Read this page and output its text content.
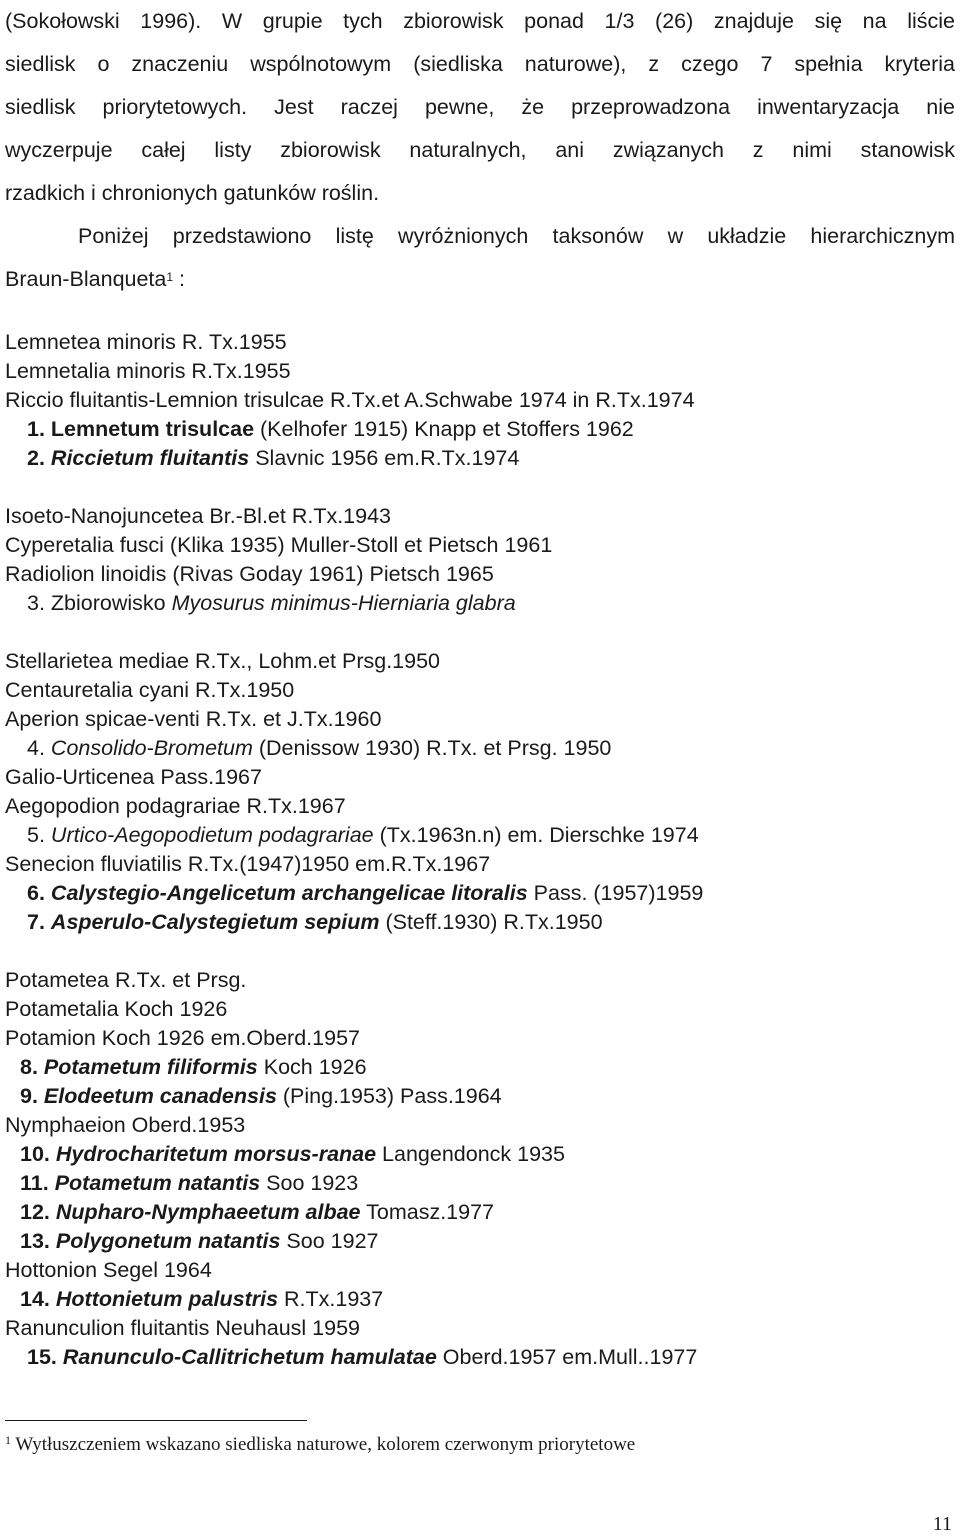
(Sokołowski 1996). W grupie tych zbiorowisk ponad 1/3 (26) znajduje się na liście
siedlisk o znaczeniu wspólnotowym (siedliska naturowe), z czego 7 spełnia kryteria
siedlisk priorytetowych. Jest raczej pewne, że przeprowadzona inwentaryzacja nie
wyczerpuje całej listy zbiorowisk naturalnych, ani związanych z nimi stanowisk
rzadkich i chronionych gatunków roślin.
Poniżej przedstawiono listę wyróżnionych taksonów w układzie hierarchicznym
Braun-Blanqueta$^1$ :
Lemnetea minoris R. Tx.1955
Lemnetalia minoris R.Tx.1955
Riccio fluitantis-Lemnion trisulcae R.Tx.et A.Schwabe 1974 in R.Tx.1974
1. Lemnetum trisulcae (Kelhofer 1915) Knapp et Stoffers 1962
2. Riccietum fluitantis Slavnic 1956 em.R.Tx.1974
Isoeto-Nanojuncetea Br.-Bl.et R.Tx.1943
Cyperetalia fusci (Klika 1935) Muller-Stoll et Pietsch 1961
Radiolion linoidis (Rivas Goday 1961) Pietsch 1965
3. Zbiorowisko Myosurus minimus-Hierniaria glabra
Stellarietea mediae R.Tx., Lohm.et Prsg.1950
Centauretalia cyani R.Tx.1950
Aperion spicae-venti R.Tx. et J.Tx.1960
4. Consolido-Brometum (Denissow 1930) R.Tx. et Prsg. 1950
Galio-Urticenea Pass.1967
Aegopodion podagrariae R.Tx.1967
5. Urtico-Aegopodietum podagrariae (Tx.1963n.n) em. Dierschke 1974
Senecion fluviatilis R.Tx.(1947)1950 em.R.Tx.1967
6. Calystegio-Angelicetum archangelicae litoralis Pass. (1957)1959
7. Asperulo-Calystegietum sepium (Steff.1930) R.Tx.1950
Potametea R.Tx. et Prsg.
Potametalia Koch 1926
Potamion Koch 1926 em.Oberd.1957
8. Potametum filiformis Koch 1926
9. Elodeetum canadensis (Ping.1953) Pass.1964
Nymphaeion Oberd.1953
10. Hydrocharitetum morsus-ranae Langendonck 1935
11. Potametum natantis Soo 1923
12. Nupharo-Nymphaeetum albae Tomasz.1977
13. Polygonetum natantis Soo 1927
Hottonion Segel 1964
14. Hottonietum palustris R.Tx.1937
Ranunculion fluitantis Neuhausl 1959
15. Ranunculo-Callitrichetum hamulatae Oberd.1957 em.Mull..1977
$^1$ Wytłuszczeniem wskazano siedliska naturowe, kolorem czerwonym priorytetowe
11
